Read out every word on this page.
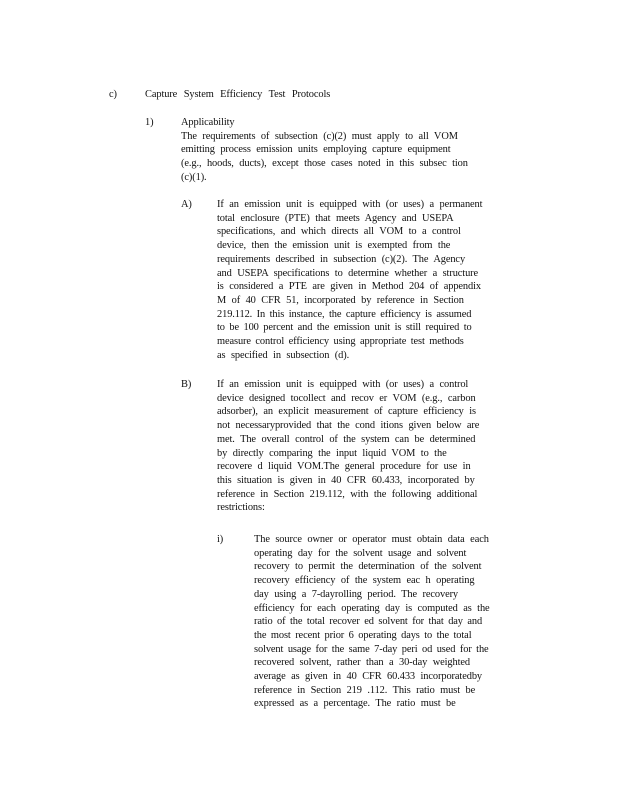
c)	Capture System Efficiency Test Protocols
1)	Applicability
The requirements of subsection (c)(2) must apply to all VOM
emitting process emission units employing capture equipment
(e.g., hoods, ducts), except those cases noted in this subsec tion
(c)(1).
A) If an emission unit is equipped with (or uses) a permanent
total enclosure (PTE) that meets Agency and USEPA
specifications, and which directs all VOM to a control
device, then the emission unit is exempted from the
requirements described in subsection (c)(2). The Agency
and USEPA specifications to determine whether a structure
is considered a PTE are given in Method 204 of appendix
M of 40 CFR 51, incorporated by reference in Section
219.112. In this instance, the capture efficiency is assumed
to be 100 percent and the emission unit is still required to
measure control efficiency using appropriate test methods
as specified in subsection (d).
B) If an emission unit is equipped with (or uses) a control
device designed tocollect and recov er VOM (e.g., carbon
adsorber), an explicit measurement of capture efficiency is
not necessaryprovided that the cond itions given below are
met. The overall control of the system can be determined
by directly comparing the input liquid VOM to the
recovere d liquid VOM.The general procedure for use in
this situation is given in 40 CFR 60.433, incorporated by
reference in Section 219.112, with the following additional
restrictions:
i)	The source owner or operator must obtain data each
operating day for the solvent usage and solvent
recovery to permit the determination of the solvent
recovery efficiency of the system eac h operating
day using a 7-dayrolling period. The recovery
efficiency for each operating day is computed as the
ratio of the total recover ed solvent for that day and
the most recent prior 6 operating days to the total
solvent usage for the same 7-day peri od used for the
recovered solvent, rather than a 30-day weighted
average as given in 40 CFR 60.433 incorporatedby
reference in Section 219 .112. This ratio must be
expressed as a percentage. The ratio must be
